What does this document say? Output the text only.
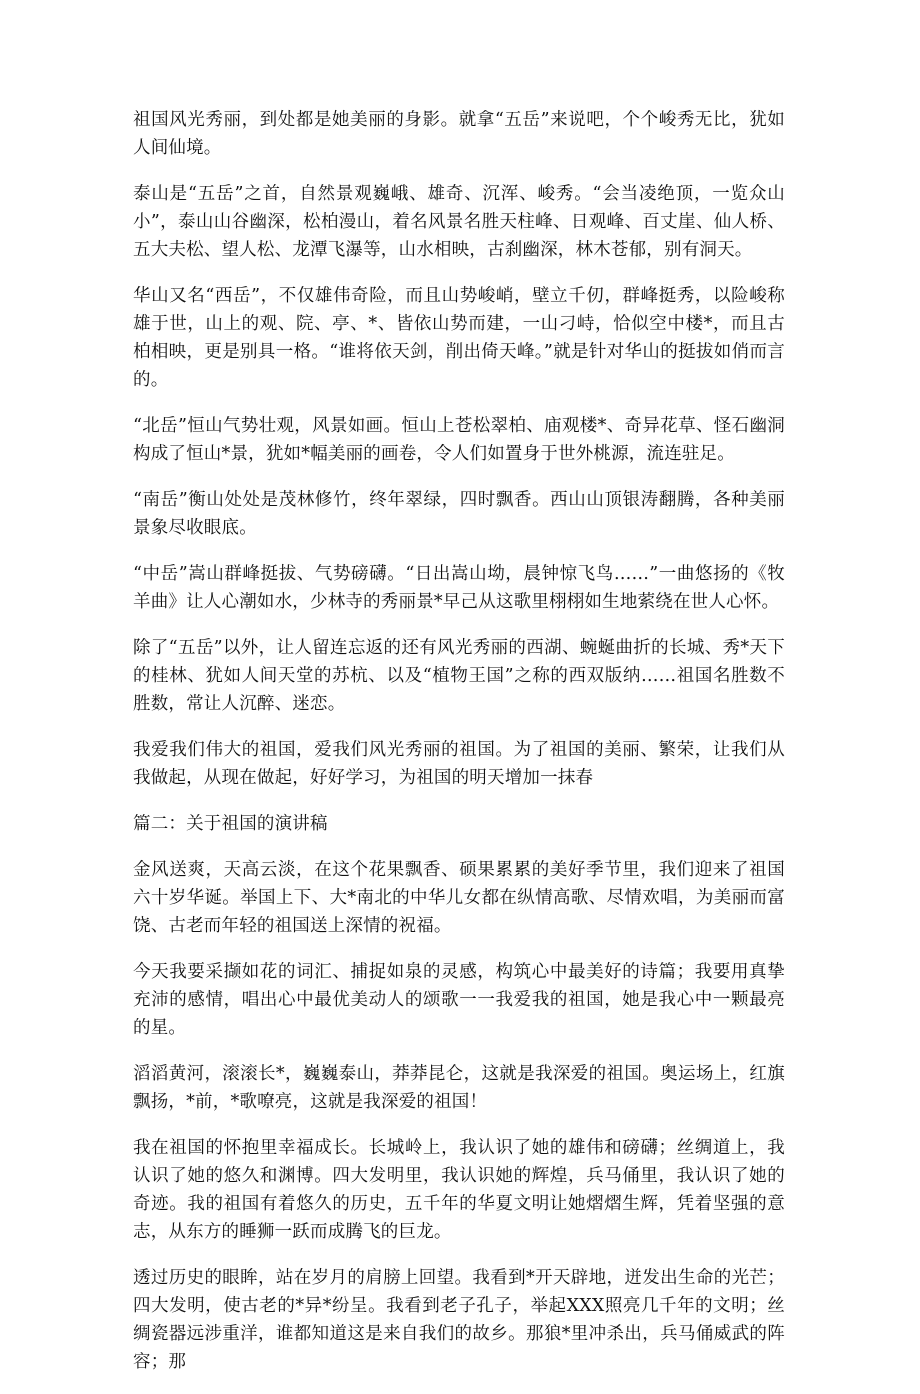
祖国风光秀丽，到处都是她美丽的身影。就拿“五岳”来说吧，个个峻秀无比，犹如人间仙境。

泰山是“五岳”之首，自然景观巍峨、雄奇、沉浑、峻秀。“会当凌绝顶，一览众山小”，泰山山谷幽深，松柏漫山，着名风景名胜天柱峰、日观峰、百丈崖、仙人桥、五大夫松、望人松、龙潭飞瀑等，山水相映，古刹幽深，林木苍郁，别有洞天。

华山又名“西岳”，不仅雄伟奇险，而且山势峻峭，壁立千仞，群峰挺秀，以险峻称雄于世，山上的观、院、亭、*、皆依山势而建，一山刁峙，恰似空中楼*，而且古柏相映，更是别具一格。“谁将依天剑，削出倚天峰。”就是针对华山的挺拔如俏而言的。

“北岳”恒山气势壮观，风景如画。恒山上苍松翠柏、庙观楼*、奇异花草、怪石幽洞构成了恒山*景，犹如*幅美丽的画卷，令人们如置身于世外桃源，流连驻足。

“南岳”衡山处处是茂林修竹，终年翠绿，四时飘香。西山山顶银涛翻腾，各种美丽景象尽收眼底。

“中岳”嵩山群峰挺拔、气势磅礴。“日出嵩山坳，晨钟惊飞鸟……”一曲悠扬的《牧羊曲》让人心潮如水，少林寺的秀丽景*早己从这歌里栩栩如生地萦绕在世人心怀。

除了“五岳”以外，让人留连忘返的还有风光秀丽的西湖、蜿蜒曲折的长城、秀*天下的桂林、犹如人间天堂的苏杭、以及“植物王国”之称的西双版纳……祖国名胜数不胜数，常让人沉醉、迷恋。

我爱我们伟大的祖国，爱我们风光秀丽的祖国。为了祖国的美丽、繁荣，让我们从我做起，从现在做起，好好学习，为祖国的明天增加一抹春

篇二：关于祖国的演讲稿

金风送爽，天高云淡，在这个花果飘香、硕果累累的美好季节里，我们迎来了祖国六十岁华诞。举国上下、大*南北的中华儿女都在纵情高歌、尽情欢唱，为美丽而富饶、古老而年轻的祖国送上深情的祝福。

今天我要采撷如花的词汇、捕捉如泉的灵感，构筑心中最美好的诗篇；我要用真挚充沛的感情，唱出心中最优美动人的颂歌一一我爱我的祖国，她是我心中一颗最亮的星。

滔滔黄河，滚滚长*，巍巍泰山，莽莽昆仑，这就是我深爱的祖国。奥运场上，红旗飘扬，*前，*歌嘹亮，这就是我深爱的祖国！

我在祖国的怀抱里幸福成长。长城岭上，我认识了她的雄伟和磅礴；丝绸道上，我认识了她的悠久和渊博。四大发明里，我认识她的辉煌，兵马俑里，我认识了她的奇迹。我的祖国有着悠久的历史，五千年的华夏文明让她熠熠生辉，凭着坚强的意志，从东方的睡狮一跃而成腾飞的巨龙。

透过历史的眼眸，站在岁月的肩膀上回望。我看到*开天辟地，迸发出生命的光芒；四大发明，使古老的*异*纷呈。我看到老子孔子，举起XXX照亮几千年的文明；丝绸瓷器远涉重洋，谁都知道这是来自我们的故乡。那狼*里冲杀出，兵马俑威武的阵容；那
